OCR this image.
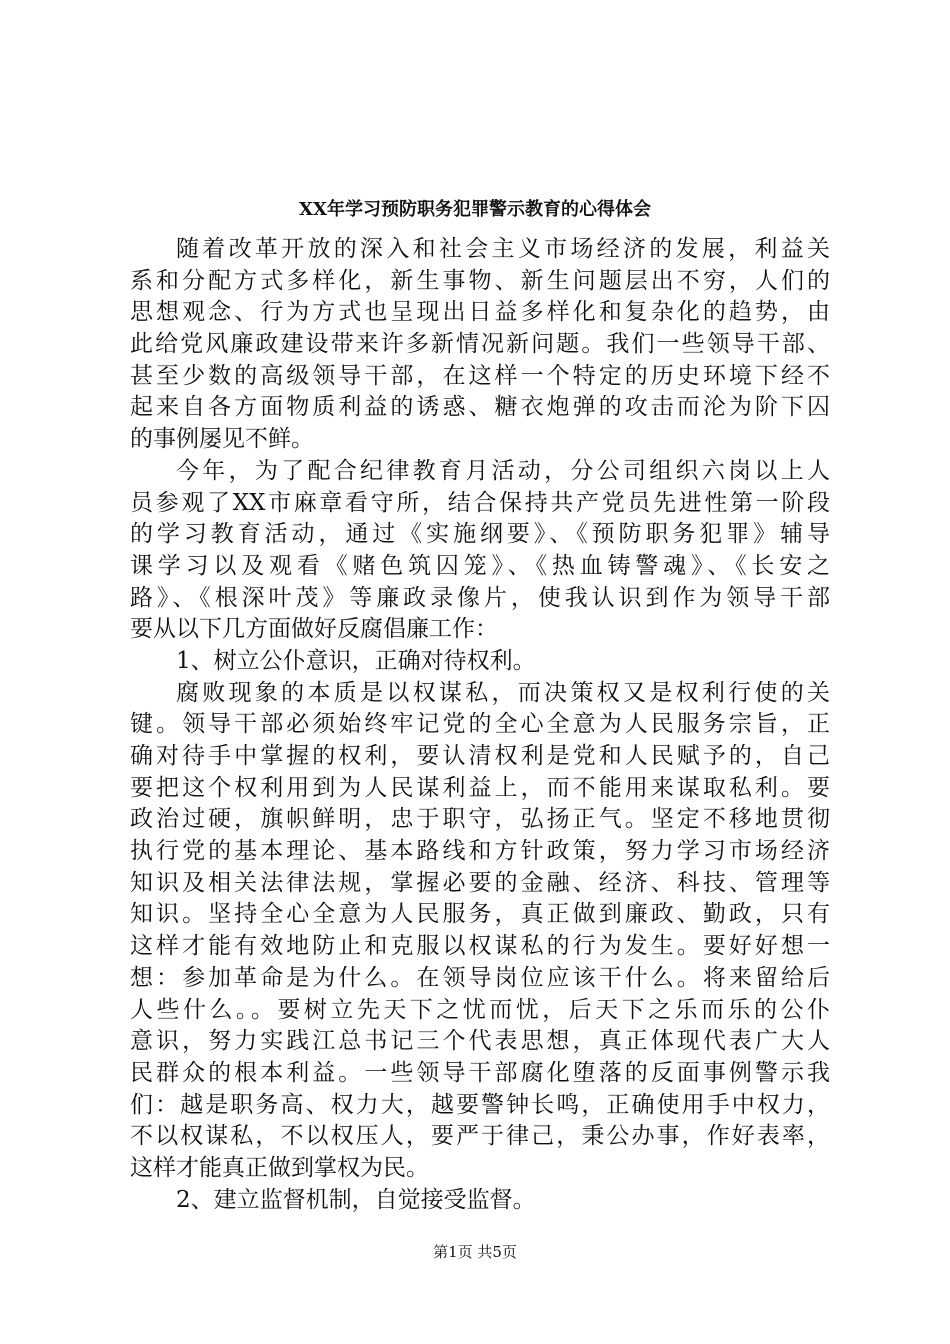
XX年学习预防职务犯罪警示教育的心得体会
随着改革开放的深入和社会主义市场经济的发展，利益关
系和分配方式多样化，新生事物、新生问题层出不穷，人们的
思想观念、行为方式也呈现出日益多样化和复杂化的趋势，由
此给党风廉政建设带来许多新情况新问题。我们一些领导干部、
甚至少数的高级领导干部，在这样一个特定的历史环境下经不
起来自各方面物质利益的诱惑、糖衣炮弹的攻击而沦为阶下囚
的事例屡见不鲜。
今年，为了配合纪律教育月活动，分公司组织六岗以上人
员参观了XX市麻章看守所，结合保持共产党员先进性第一阶段
的学习教育活动，通过《实施纲要》、《预防职务犯罪》辅导
课学习以及观看《赌色筑囚笼》、《热血铸警魂》、《长安之
路》、《根深叶茂》等廉政录像片，使我认识到作为领导干部
要从以下几方面做好反腐倡廉工作：
1、树立公仆意识，正确对待权利。
腐败现象的本质是以权谋私，而决策权又是权利行使的关
键。领导干部必须始终牢记党的全心全意为人民服务宗旨，正
确对待手中掌握的权利，要认清权利是党和人民赋予的，自己
要把这个权利用到为人民谋利益上，而不能用来谋取私利。要
政治过硬，旗帜鲜明，忠于职守，弘扬正气。坚定不移地贯彻
执行党的基本理论、基本路线和方针政策，努力学习市场经济
知识及相关法律法规，掌握必要的金融、经济、科技、管理等
知识。坚持全心全意为人民服务，真正做到廉政、勤政，只有
这样才能有效地防止和克服以权谋私的行为发生。要好好想一
想：参加革命是为什么。在领导岗位应该干什么。将来留给后
人些什么。。要树立先天下之忧而忧，后天下之乐而乐的公仆
意识，努力实践江总书记三个代表思想，真正体现代表广大人
民群众的根本利益。一些领导干部腐化堕落的反面事例警示我
们：越是职务高、权力大，越要警钟长鸣，正确使用手中权力，
不以权谋私，不以权压人，要严于律己，秉公办事，作好表率，
这样才能真正做到掌权为民。
2、建立监督机制，自觉接受监督。
第1页 共5页
